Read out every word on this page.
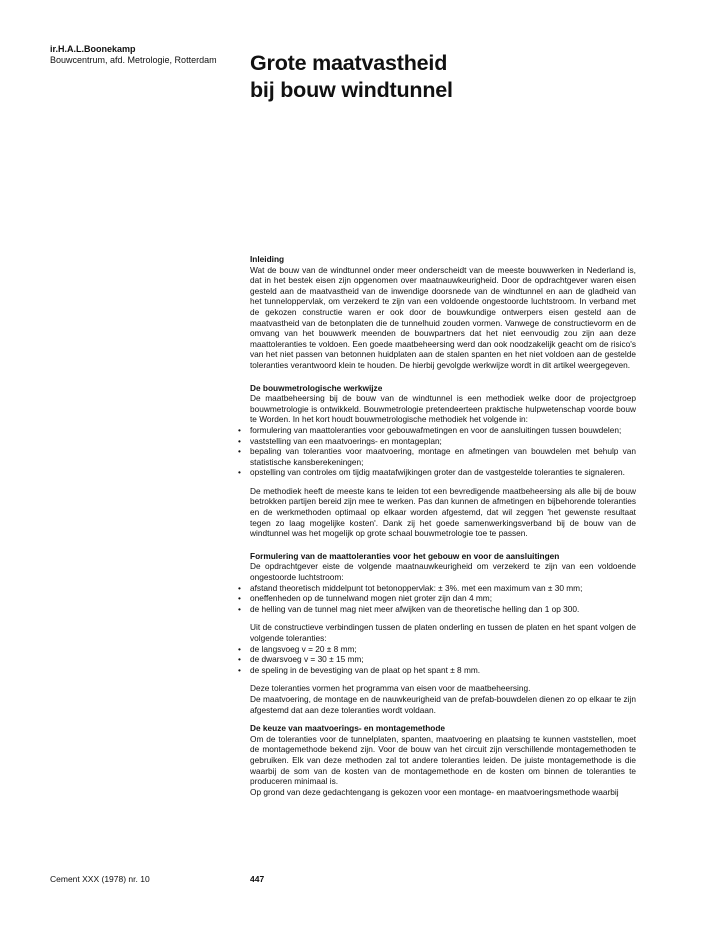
ir.H.A.L.Boonekamp
Bouwcentrum, afd. Metrologie, Rotterdam	Grote maatvastheid
bij bouw windtunnel
Inleiding

Wat de bouw van de windtunnel onder meer onderscheidt van de meeste bouwwerken in Nederland is, dat in het bestek eisen zijn opgenomen over maatnauwkeurigheid. Door de opdrachtgever waren eisen gesteld aan de maatvastheid van de inwendige doorsnede van de windtunnel en aan de gladheid van het tunneloppervlak, om verzekerd te zijn van een voldoende ongestoorde luchtstroom. In verband met de gekozen constructie waren er ook door de bouwkundige ontwerpers eisen gesteld aan de maatvastheid van de betonplaten die de tunnelhuid zouden vormen. Vanwege de constructievorm en de omvang van het bouwwerk meenden de bouwpartners dat het niet eenvoudig zou zijn aan deze maattoleranties te voldoen. Een goede maatbeheersing werd dan ook noodzakelijk geacht om de risico's van het niet passen van betonnen huidplaten aan de stalen spanten en het niet voldoen aan de gestelde toleranties verantwoord klein te houden. De hierbij gevolgde werkwijze wordt in dit artikel weergegeven.

De bouwmetrologische werkwijze

De maatbeheersing bij de bouw van de windtunnel is een methodiek welke door de projectgroep bouwmetrologie is ontwikkeld. Bouwmetrologie pretendeerteen praktische hulpwetenschap voorde bouw te Worden. In het kort houdt bouwmetrologische methodiek het volgende in:

• formulering van maattoleranties voor gebouwafmetingen en voor de aansluitingen tussen bouwdelen;
• vaststelling van een maatvoerings- en montageplan;
• bepaling van toleranties voor maatvoering, montage en afmetingen van bouwdelen met behulp van statistische kansberekeningen;
• opstelling van controles om tijdig maatafwijkingen groter dan de vastgestelde toleranties te signaleren.

De methodiek heeft de meeste kans te leiden tot een bevredigende maatbeheersing als alle bij de bouw betrokken partijen bereid zijn mee te werken. Pas dan kunnen de afmetingen en bijbehorende toleranties en de werkmethoden optimaal op elkaar worden afgestemd, dat wil zeggen 'het gewenste resultaat tegen zo laag mogelijke kosten'. Dank zij het goede samenwerkingsverband bij de bouw van de windtunnel was het mogelijk op grote schaal bouwmetrologie toe te passen.

Formulering van de maattoleranties voor het gebouw en voor de aansluitingen

De opdrachtgever eiste de volgende maatnauwkeurigheid om verzekerd te zijn van een voldoende ongestoorde luchtstroom:

• afstand theoretisch middelpunt tot betonoppervlak: ± 3%. met een maximum van ± 30 mm;
• oneffenheden op de tunnelwand mogen niet groter zijn dan 4 mm;
• de helling van de tunnel mag niet meer afwijken van de theoretische helling dan 1 op 300.

Uit de constructieve verbindingen tussen de platen onderling en tussen de platen en het spant volgen de volgende toleranties:

• de langsvoeg v = 20 ± 8 mm;
• de dwarsvoeg v = 30 ± 15 mm;
• de speling in de bevestiging van de plaat op het spant ± 8 mm.

Deze toleranties vormen het programma van eisen voor de maatbeheersing.

De maatvoering, de montage en de nauwkeurigheid van de prefab-bouwdelen dienen zo op elkaar te zijn afgestemd dat aan deze toleranties wordt voldaan.

De keuze van maatvoerings- en montagemethode

Om de toleranties voor de tunnelplaten, spanten, maatvoering en plaatsing te kunnen vaststellen, moet de montagemethode bekend zijn. Voor de bouw van het circuit zijn verschillende montagemethoden te gebruiken. Elk van deze methoden zal tot andere toleranties leiden. De juiste montagemethode is die waarbij de som van de kosten van de montagemethode en de kosten om binnen de toleranties te produceren minimaal is.

Op grond van deze gedachtengang is gekozen voor een montage- en maatvoeringsmethode waarbij

Cement XXX (1978) nr. 10	447
